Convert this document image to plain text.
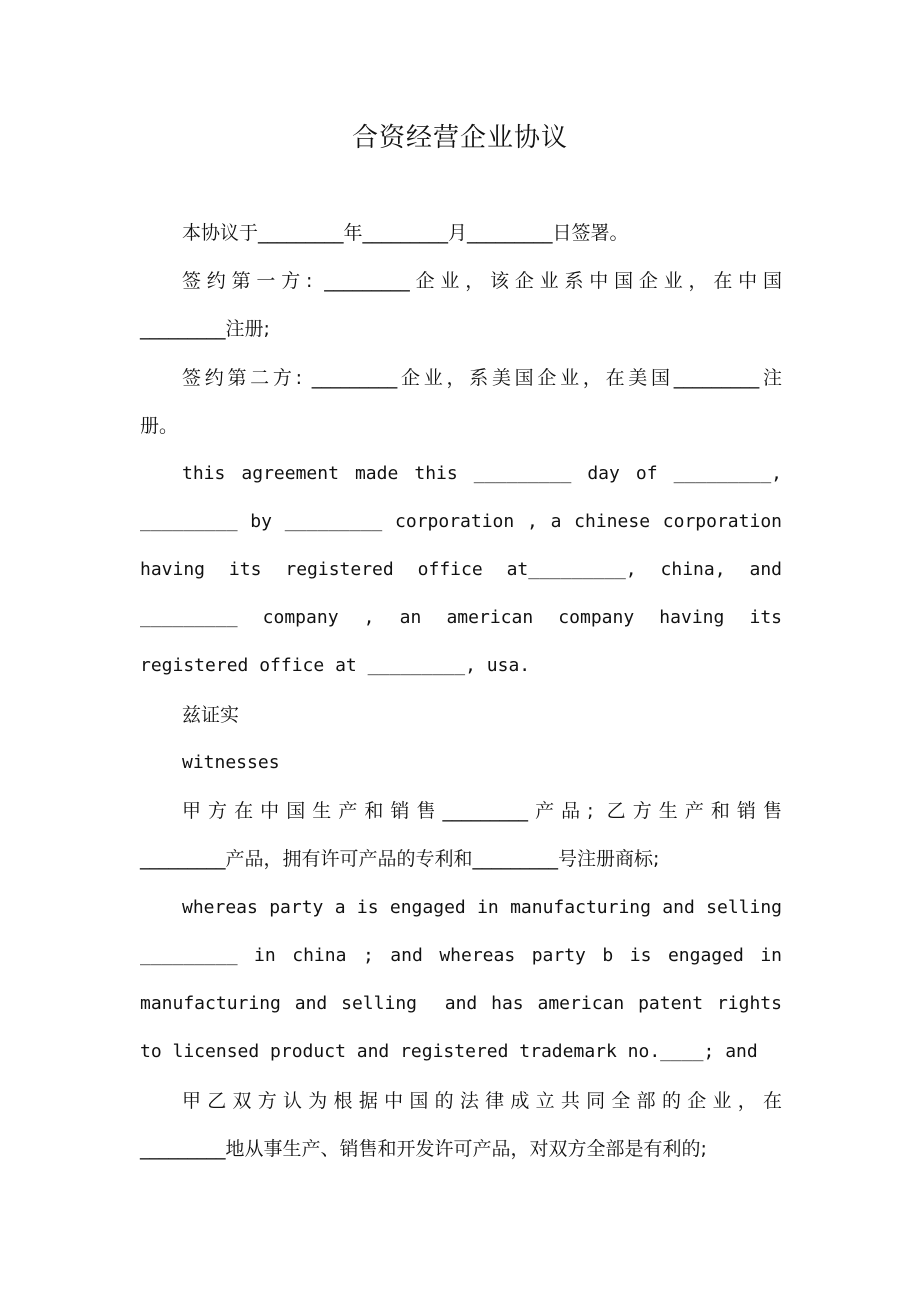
合资经营企业协议
本协议于_________年_________月_________日签署。
签约第一方: _________企业，该企业系中国企业，在中国
_________注册;
签约第二方: _________企业，系美国企业，在美国_________注
册。
this agreement made this _________ day of _________,
_________ by _________ corporation , a chinese corporation
having its registered office at_________, china, and
_________ company , an american company having its
registered office at _________, usa.
兹证实
witnesses
甲方在中国生产和销售_________产品; 乙方生产和销售
_________产品，拥有许可产品的专利和_________号注册商标;
whereas party a is engaged in manufacturing and selling
_________ in china ; and whereas party b is engaged in
manufacturing and selling  and has american patent rights
to licensed product and registered trademark no.____; and
甲乙双方认为根据中国的法律成立共同全部的企业，在
_________地从事生产、销售和开发许可产品，对双方全部是有利的;
